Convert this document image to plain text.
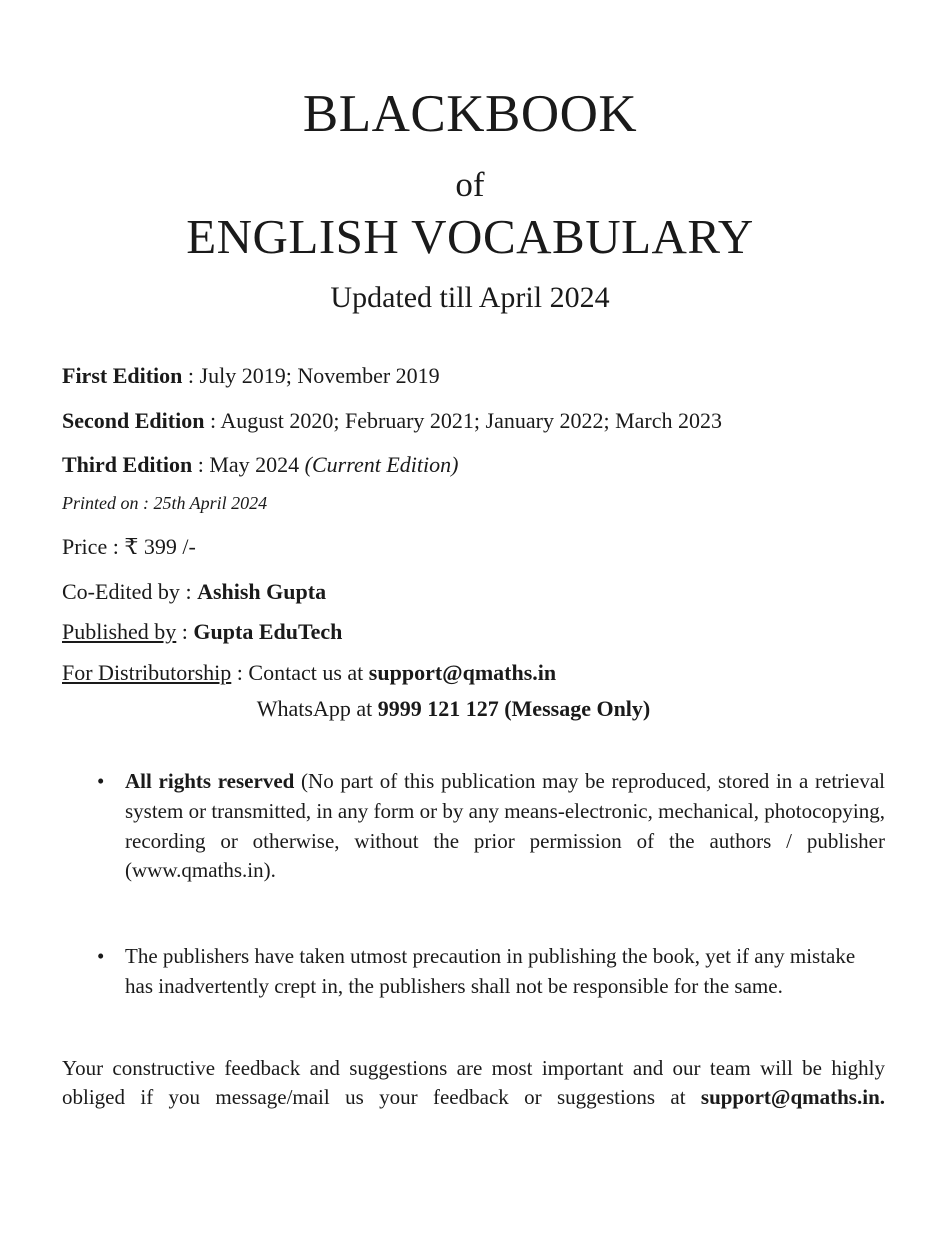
BLACKBOOK
of
ENGLISH VOCABULARY
Updated till April 2024
First Edition : July 2019; November 2019
Second Edition : August 2020; February 2021; January 2022; March 2023
Third Edition : May 2024 (Current Edition)
Printed on : 25th April 2024
Price : ₹ 399 /-
Co-Edited by : Ashish Gupta
Published by : Gupta EduTech
For Distributorship : Contact us at support@qmaths.in
WhatsApp at 9999 121 127 (Message Only)
• All rights reserved (No part of this publication may be reproduced, stored in a retrieval system or transmitted, in any form or by any means-electronic, mechanical, photocopying, recording or otherwise, without the prior permission of the authors / publisher (www.qmaths.in).

• The publishers have taken utmost precaution in publishing the book, yet if any mistake has inadvertently crept in, the publishers shall not be responsible for the same.

Your constructive feedback and suggestions are most important and our team will be highly obliged if you message/mail us your feedback or suggestions at support@qmaths.in.
